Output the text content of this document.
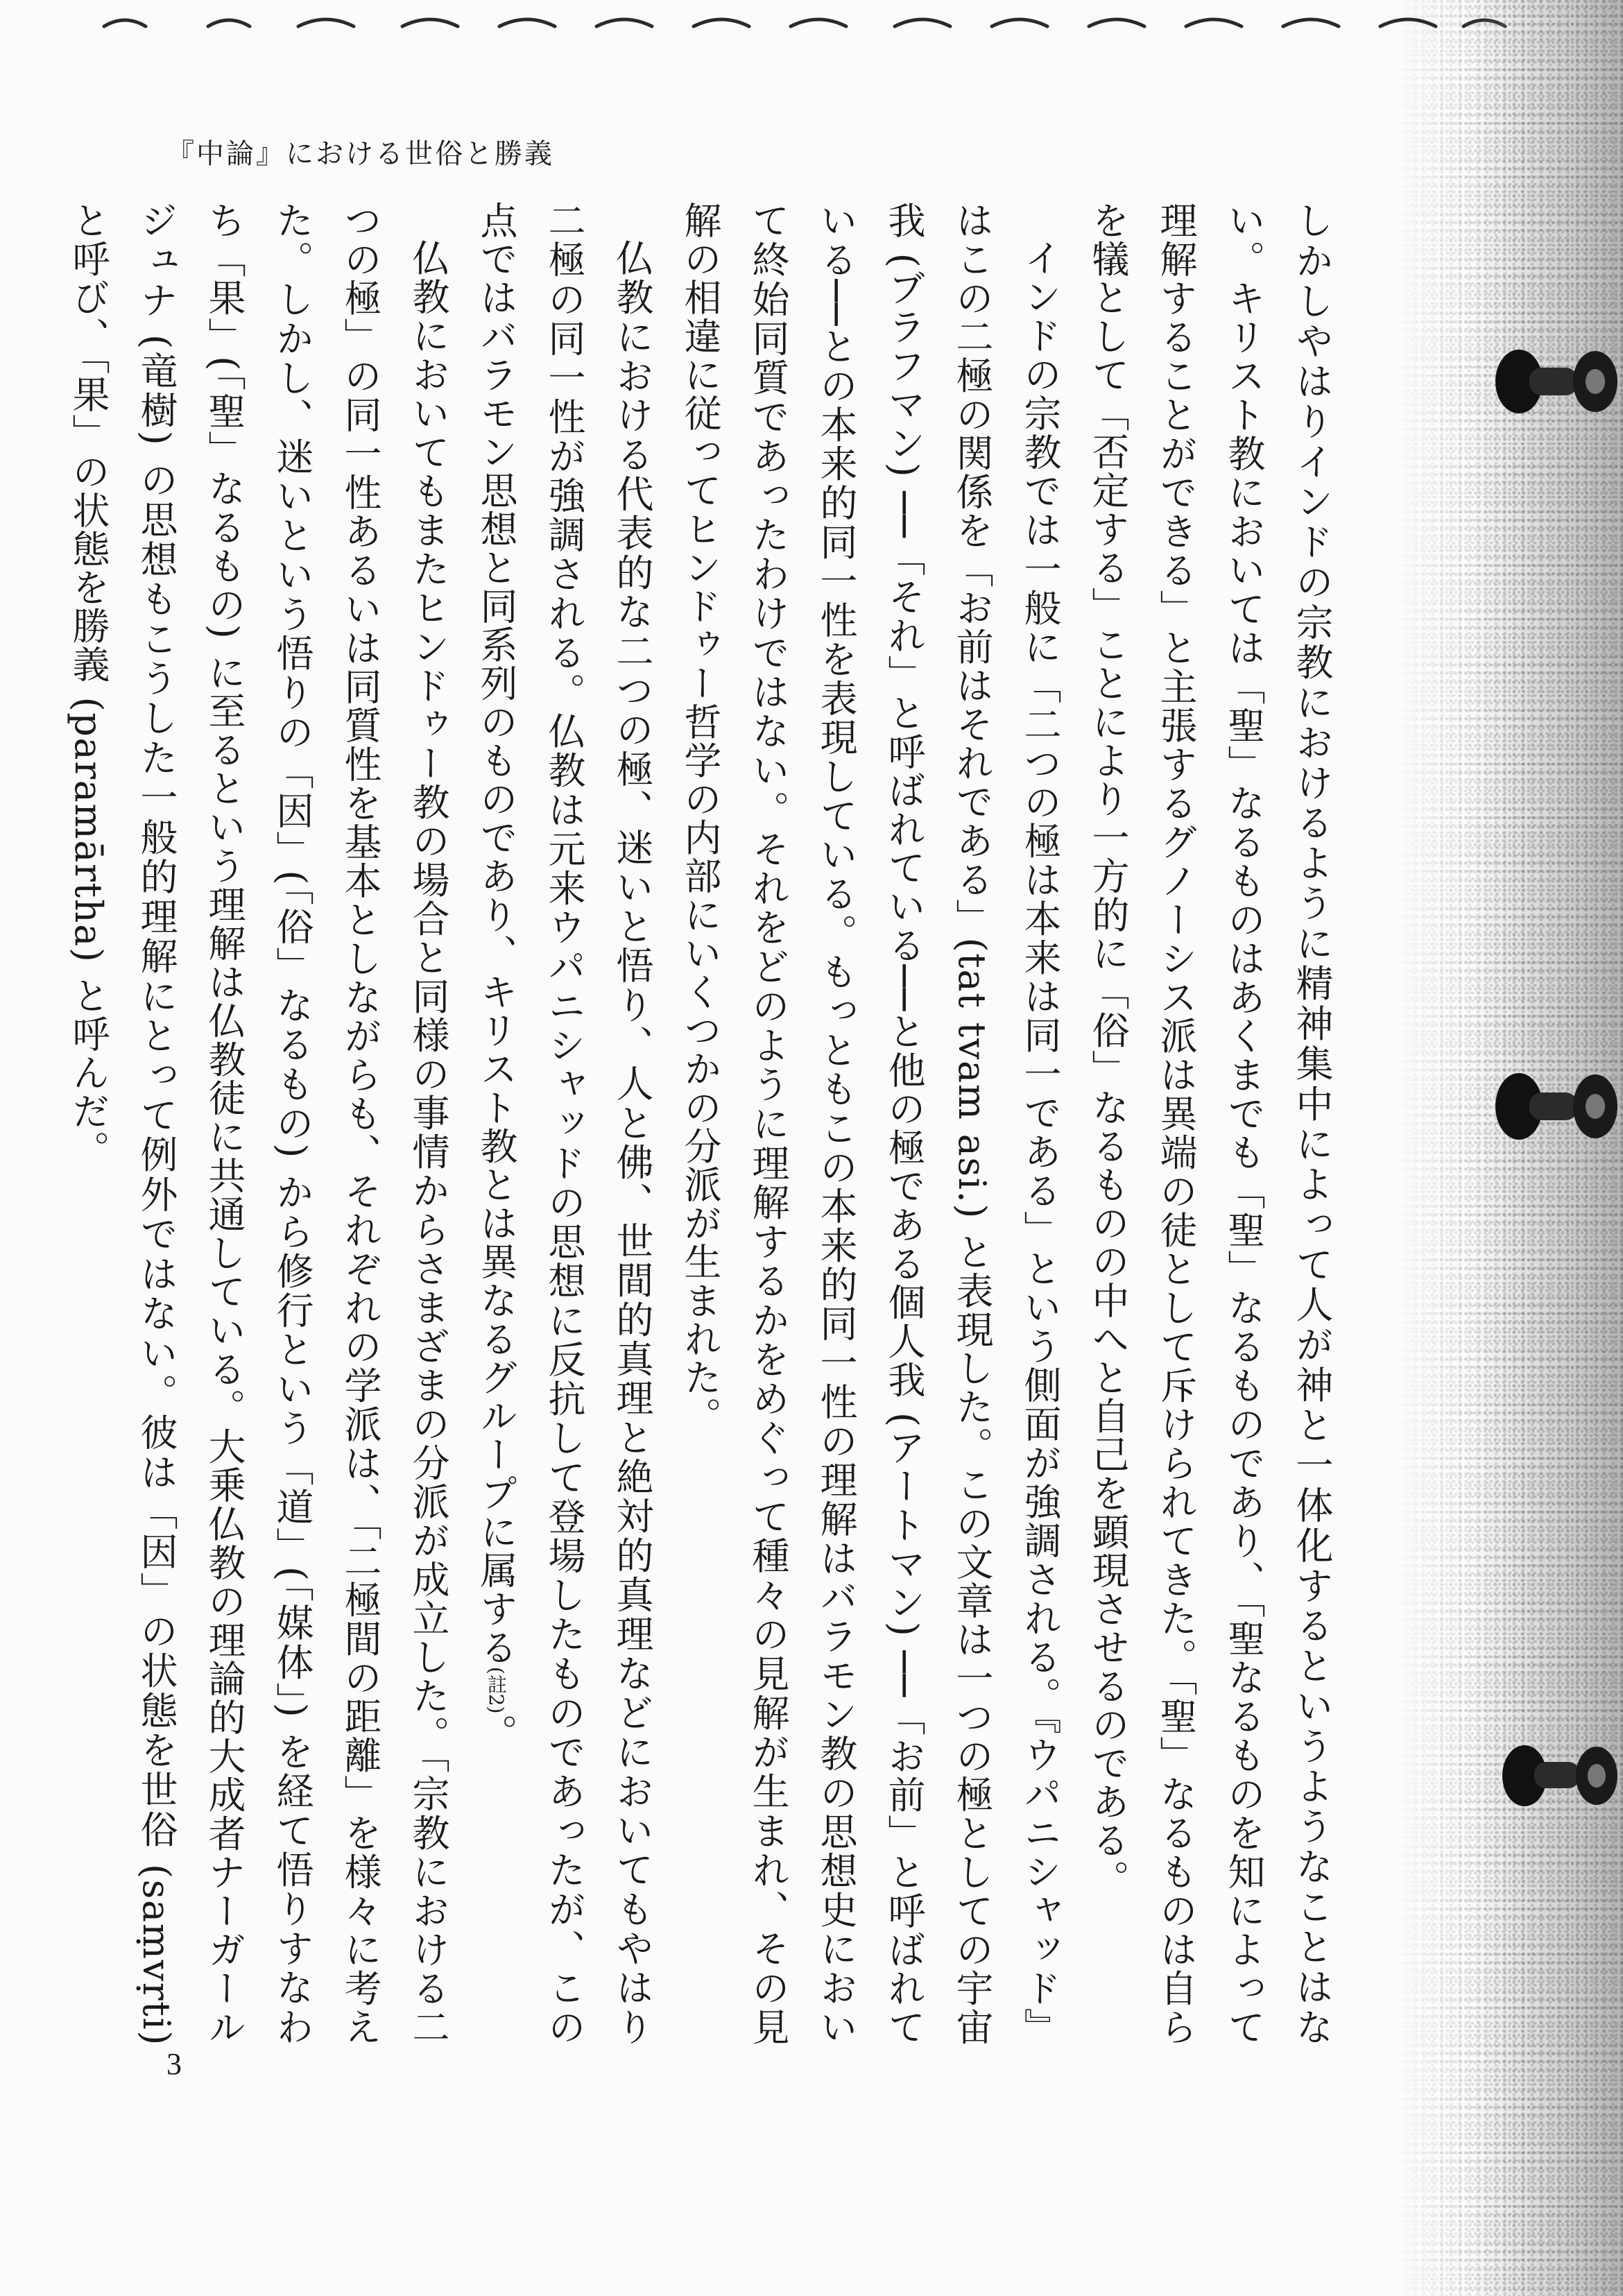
『中論』における世俗と勝義

しかしやはりインドの宗教におけるように精神集中によって人が神と一体化するというようなことはない。キリスト教においては「聖」なるものはあくまでも「聖」なるものであり、「聖なるものを知によって理解することができる」と主張するグノーシス派は異端の徒として斥けられてきた。「聖」なるものは自らを犠として「否定する」ことにより一方的に「俗」なるものの中へと自己を顕現させるのである。

インドの宗教では一般に「二つの極は本来は同一である」という側面が強調される。『ウパニシャッド』はこの二極の関係を「お前はそれである」(tat tvam asi.) と表現した。この文章は一つの極としての宇宙我 (ブラフマン) ──「それ」と呼ばれている──と他の極である個人我 (アートマン) ──「お前」と呼ばれている──との本来的同一性を表現している。もっともこの本来的同一性の理解はバラモン教の思想史において終始同質であったわけではない。それをどのように理解するかをめぐって種々の見解が生まれ、その見解の相違に従ってヒンドゥー哲学の内部にいくつかの分派が生まれた。

仏教における代表的な二つの極、迷いと悟り、人と佛、世間的真理と絶対的真理などにおいてもやはり二極の同一性が強調される。仏教は元来ウパニシャッドの思想に反抗して登場したものであったが、この点ではバラモン思想と同系列のものであり、キリスト教とは異なるグループに属する(註2)。

仏教においてもまたヒンドゥー教の場合と同様の事情からさまざまの分派が成立した。「宗教における二つの極」の同一性あるいは同質性を基本としながらも、それぞれの学派は、「二極間の距離」を様々に考えた。しかし、迷いという悟りの「因」(「俗」なるもの) から修行という「道」(「媒体」) を経て悟りすなわち「果」(「聖」なるもの) に至るという理解は仏教徒に共通している。大乗仏教の理論的大成者ナーガールジュナ (竜樹) の思想もこうした一般的理解にとって例外ではない。彼は「因」の状態を世俗 (saṃvṛti) と呼び、「果」の状態を勝義 (paramārtha) と呼んだ。

3
